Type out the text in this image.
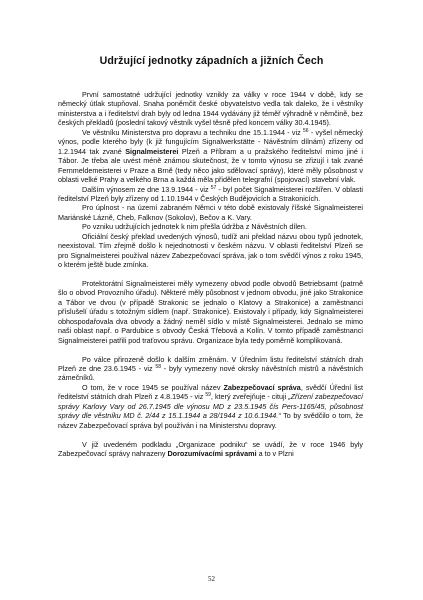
Udržující jednotky západních a jižních Čech

První samostatné udržující jednotky vznikly za války v roce 1944 v době, kdy se německý útlak stupňoval. Snaha poněmčit české obyvatelstvo vedla tak daleko, že i věstníky ministerstva a i ředitelství drah byly od ledna 1944 vydávány již téměř výhradně v němčině, bez českých překladů (poslední takový věstník vyšel těsně před koncem války 30.4.1945).

Ve věstníku Ministerstva pro dopravu a techniku dne 15.1.1944 - viz $^{56}$ - vyšel německý výnos, podle kterého byly (k již fungujícím Signalwerkstätte - Návěstním dílnám) zřízeny od 1.2.1944 tak zvané Signalmeisterei Plzeň a Příbram a u pražského ředitelství mimo jiné i Tábor. Je třeba ale uvést méně známou skutečnost, že v tomto výnosu se zřizují i tak zvané Fernmeldemeisterei v Praze a Brně (tedy něco jako sdělovací správy), které měly působnost v oblasti velké Prahy a velkého Brna a každá měla přidělen telegrafní (spojovací) stavební vlak.

Dalším výnosem ze dne 13.9.1944 - viz $^{57}$ - byl počet Signalmeisterei rozšířen. V oblasti ředitelství Plzeň byly zřízeny od 1.10.1944 v Českých Budějovicích a Strakonicích.

Pro úplnost - na území zabraném Němci v této době existovaly říšské Signalmeisterei Mariánské Lázně, Cheb, Falknov (Sokolov), Bečov a K. Vary.

Po vzniku udržujících jednotek k nim přešla údržba z Návěstních dílen.

Oficiální český překlad uvedených výnosů, tudíž ani překlad názvu obou typů jednotek, neexistoval. Tím zřejmě došlo k nejednotnosti v českém názvu. V oblasti ředitelství Plzeň se pro Signalmeisterei používal název Zabezpečovací správa, jak o tom svědčí výnos z roku 1945, o kterém ještě bude zmínka.

Protektorátní Signalmeisterei měly vymezeny obvod podle obvodů Betriebsamt (patrně šlo o obvod Provozního úřadu). Některé měly působnost v jednom obvodu, jiné jako Strakonice a Tábor ve dvou (v případě Strakonic se jednalo o Klatovy a Strakonice) a zaměstnanci příslušelí úřadu s totožným sídlem (např. Strakonice). Existovaly i případy, kdy Signalmeisterei obhospodařovala dva obvody a žádný neměl sídlo v místě Signalmeisterei. Jednalo se mimo naši oblast např. o Pardubice s obvody Česká Třebová a Kolín. V tomto případě zaměstnanci Signalmeisterei patřili pod traťovou správu. Organizace byla tedy poměrně komplikovaná.

Po válce přirozeně došlo k dalším změnám. V Úředním listu ředitelství státních drah Plzeň ze dne 23.6.1945 - viz $^{58}$ - byly vymezeny nové okrsky návěstních mistrů a návěstních zámečníků.

O tom, že v roce 1945 se používal název Zabezpečovací správa, svědčí Úřední list ředitelství státních drah Plzeň z 4.8.1945 - viz $^{59}$, který zveřejňuje - cituji „Zřízení zabezpečovací správy Karlovy Vary od 26.7.1945 dle výnosu MD z 23.5.1945 čís Pers-1165/45, působnost správy dle věstníku MD č. 2/44 z 15.1.1944 a 28/1944 z 10.6.1944.“ To by svědčilo o tom, že název Zabezpečovací správa byl používán i na Ministerstvu dopravy.

V již uvedeném podkladu „Organizace podniku“ se uvádí, že v roce 1946 byly Zabezpečovací správy nahrazeny Dorozumívacími správami a to v Plzni

52
